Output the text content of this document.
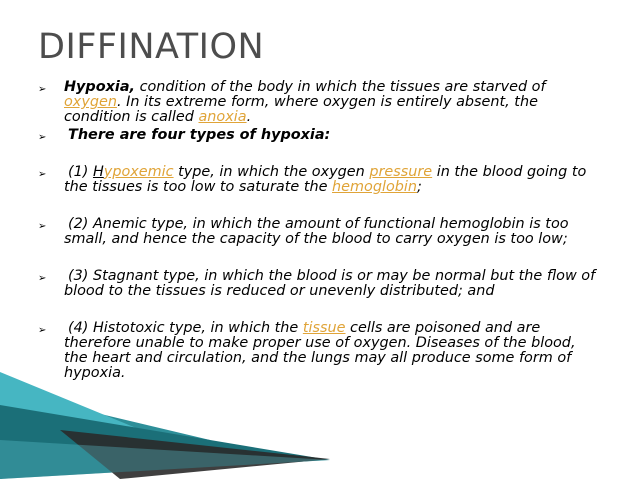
DIFFINATION
➢ Hypoxia, condition of the body in which the tissues are starved of oxygen. In its extreme form, where oxygen is entirely absent, the condition is called anoxia.
➢ There are four types of hypoxia:
➢ (1) Hypoxemic type, in which the oxygen pressure in the blood going to the tissues is too low to saturate the hemoglobin;
➢ (2) Anemic type, in which the amount of functional hemoglobin is too small, and hence the capacity of the blood to carry oxygen is too low;
➢ (3) Stagnant type, in which the blood is or may be normal but the flow of blood to the tissues is reduced or unevenly distributed; and
➢ (4) Histotoxic type, in which the tissue cells are poisoned and are therefore unable to make proper use of oxygen. Diseases of the blood, the heart and circulation, and the lungs may all produce some form of hypoxia.
